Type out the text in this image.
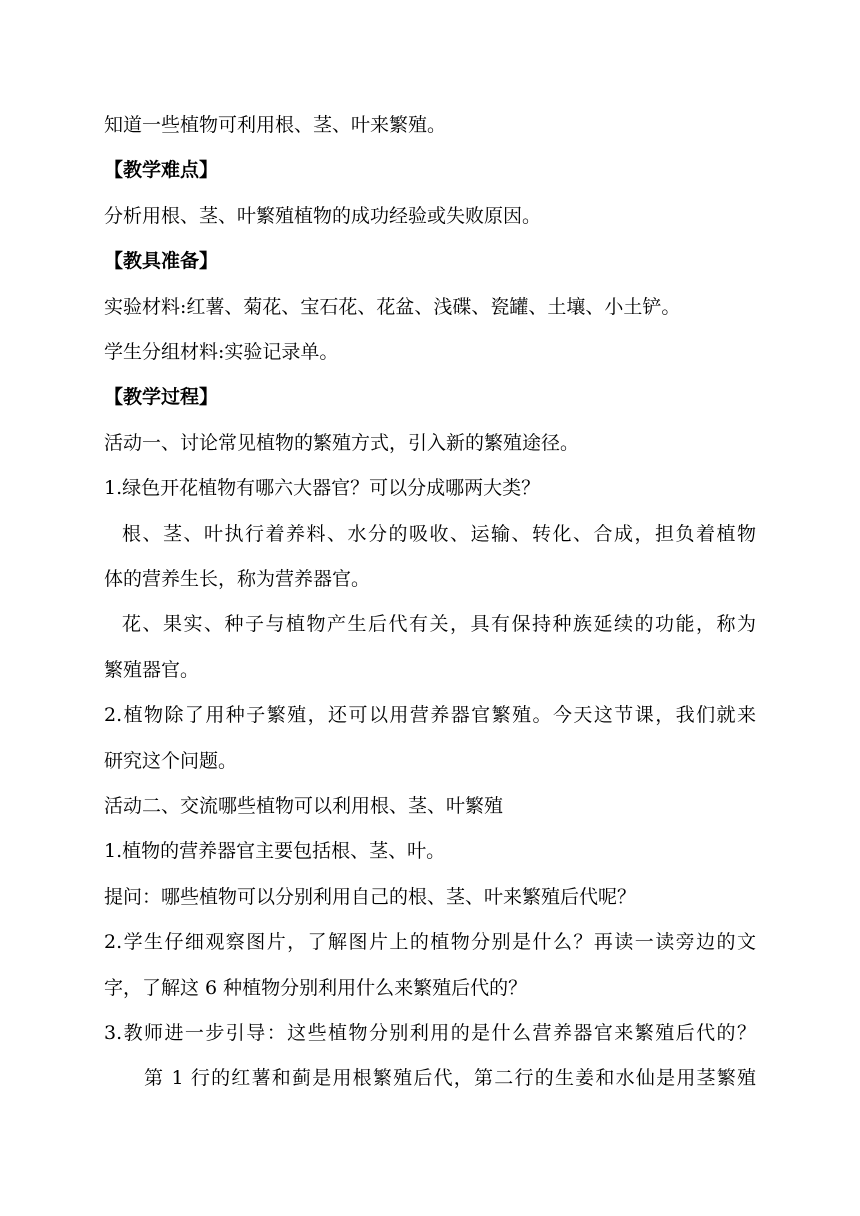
知道一些植物可利用根、茎、叶来繁殖。

【教学难点】

分析用根、茎、叶繁殖植物的成功经验或失败原因。

【教具准备】

实验材料:红薯、菊花、宝石花、花盆、浅碟、瓷罐、土壤、小土铲。

学生分组材料:实验记录单。

【教学过程】

活动一、讨论常见植物的繁殖方式，引入新的繁殖途径。

1.绿色开花植物有哪六大器官？可以分成哪两大类？

根、茎、叶执行着养料、水分的吸收、运输、转化、合成，担负着植物

体的营养生长，称为营养器官。

花、果实、种子与植物产生后代有关，具有保持种族延续的功能，称为

繁殖器官。

2.植物除了用种子繁殖，还可以用营养器官繁殖。今天这节课，我们就来

研究这个问题。

活动二、交流哪些植物可以利用根、茎、叶繁殖

1.植物的营养器官主要包括根、茎、叶。

提问：哪些植物可以分别利用自己的根、茎、叶来繁殖后代呢？

2.学生仔细观察图片，了解图片上的植物分别是什么？再读一读旁边的文

字，了解这 6 种植物分别利用什么来繁殖后代的？

3.教师进一步引导：这些植物分别利用的是什么营养器官来繁殖后代的？

第 1 行的红薯和蓟是用根繁殖后代，第二行的生姜和水仙是用茎繁殖
